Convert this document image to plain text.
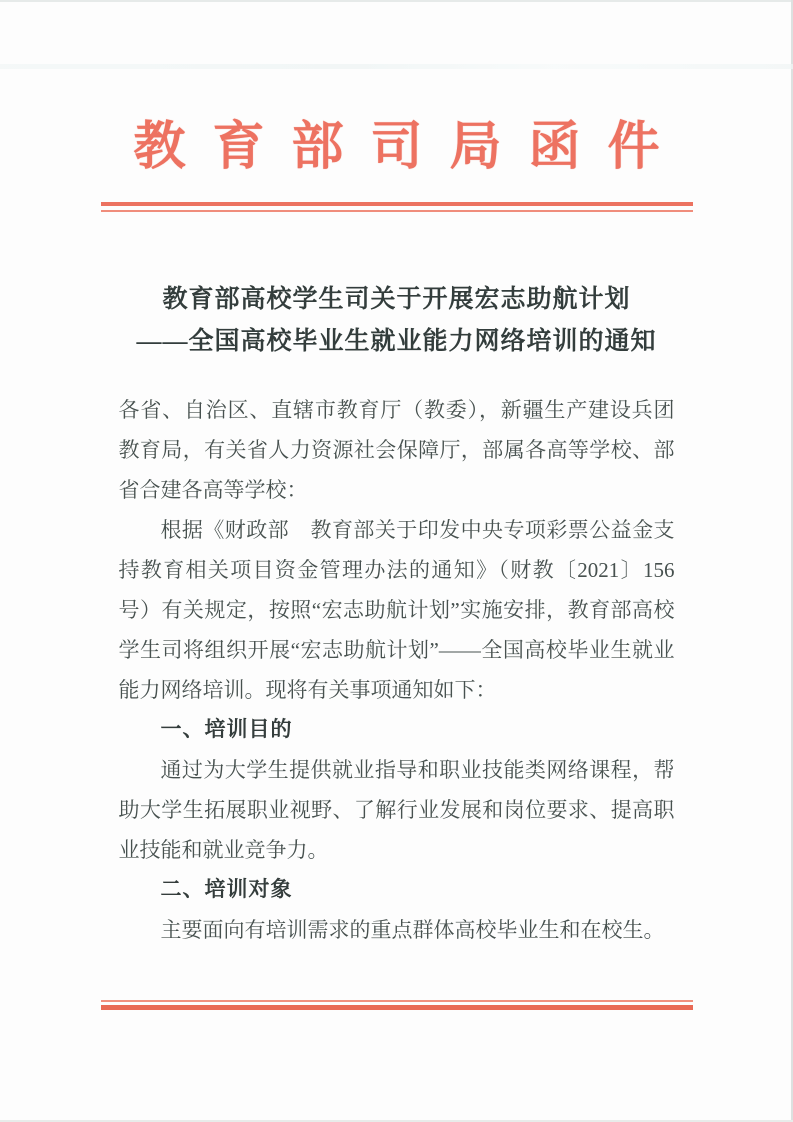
教育部司局函件
教育部高校学生司关于开展宏志助航计划
——全国高校毕业生就业能力网络培训的通知

各省、自治区、直辖市教育厅（教委），新疆生产建设兵团教育局，有关省人力资源社会保障厅，部属各高等学校、部省合建各高等学校：

根据《财政部　教育部关于印发中央专项彩票公益金支持教育相关项目资金管理办法的通知》（财教〔2021〕156号）有关规定，按照“宏志助航计划”实施安排，教育部高校学生司将组织开展“宏志助航计划”——全国高校毕业生就业能力网络培训。现将有关事项通知如下：

一、培训目的

通过为大学生提供就业指导和职业技能类网络课程，帮助大学生拓展职业视野、了解行业发展和岗位要求、提高职业技能和就业竞争力。

二、培训对象

主要面向有培训需求的重点群体高校毕业生和在校生。
